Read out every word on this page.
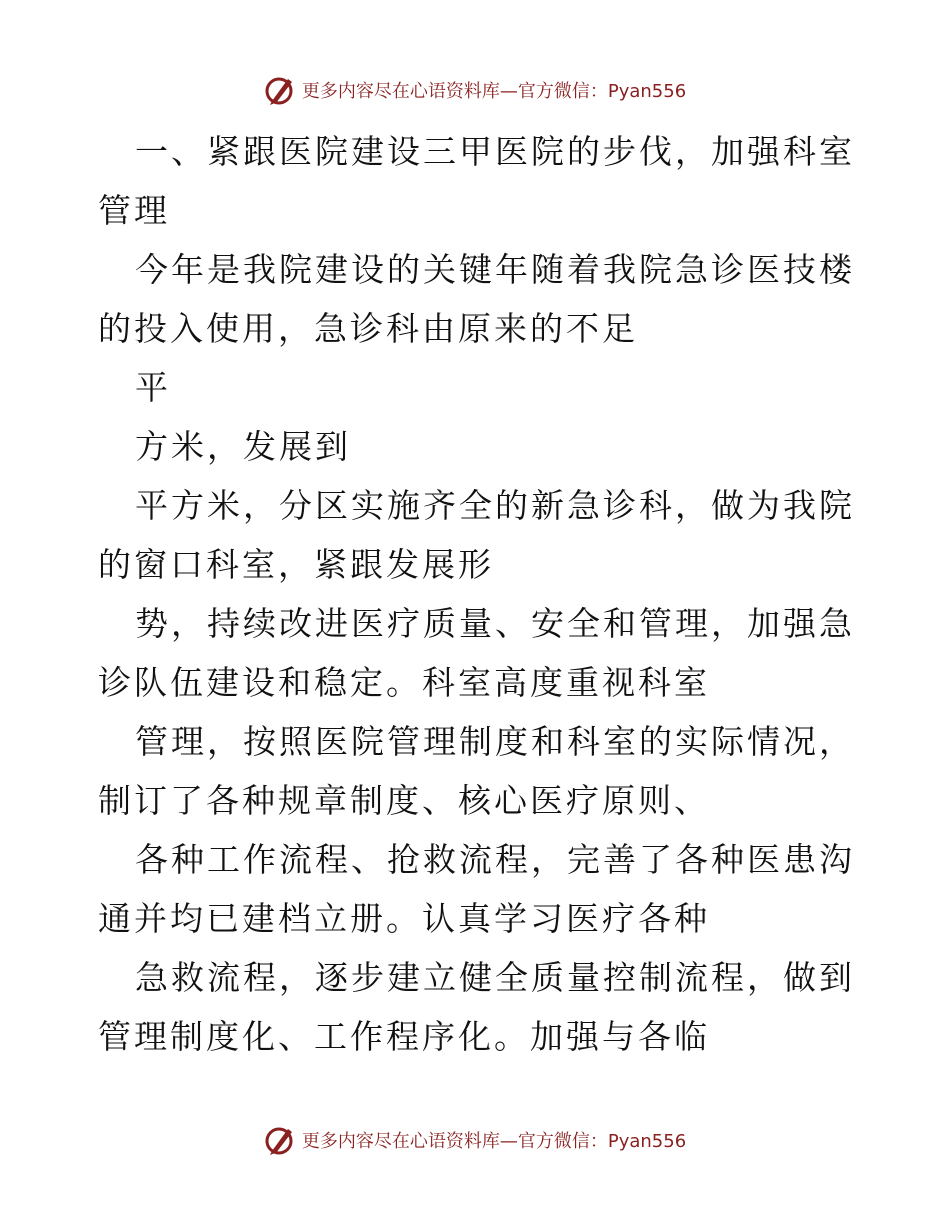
更多内容尽在心语资料库—官方微信：Pyan556

一、紧跟医院建设三甲医院的步伐，加强科室管理

今年是我院建设的关键年随着我院急诊医技楼的投入使用，急诊科由原来的不足

平

方米，发展到

平方米，分区实施齐全的新急诊科，做为我院的窗口科室，紧跟发展形

势，持续改进医疗质量、安全和管理，加强急诊队伍建设和稳定。科室高度重视科室

管理，按照医院管理制度和科室的实际情况，制订了各种规章制度、核心医疗原则、

各种工作流程、抢救流程，完善了各种医患沟通并均已建档立册。认真学习医疗各种

急救流程，逐步建立健全质量控制流程，做到管理制度化、工作程序化。加强与各临

更多内容尽在心语资料库—官方微信：Pyan556
